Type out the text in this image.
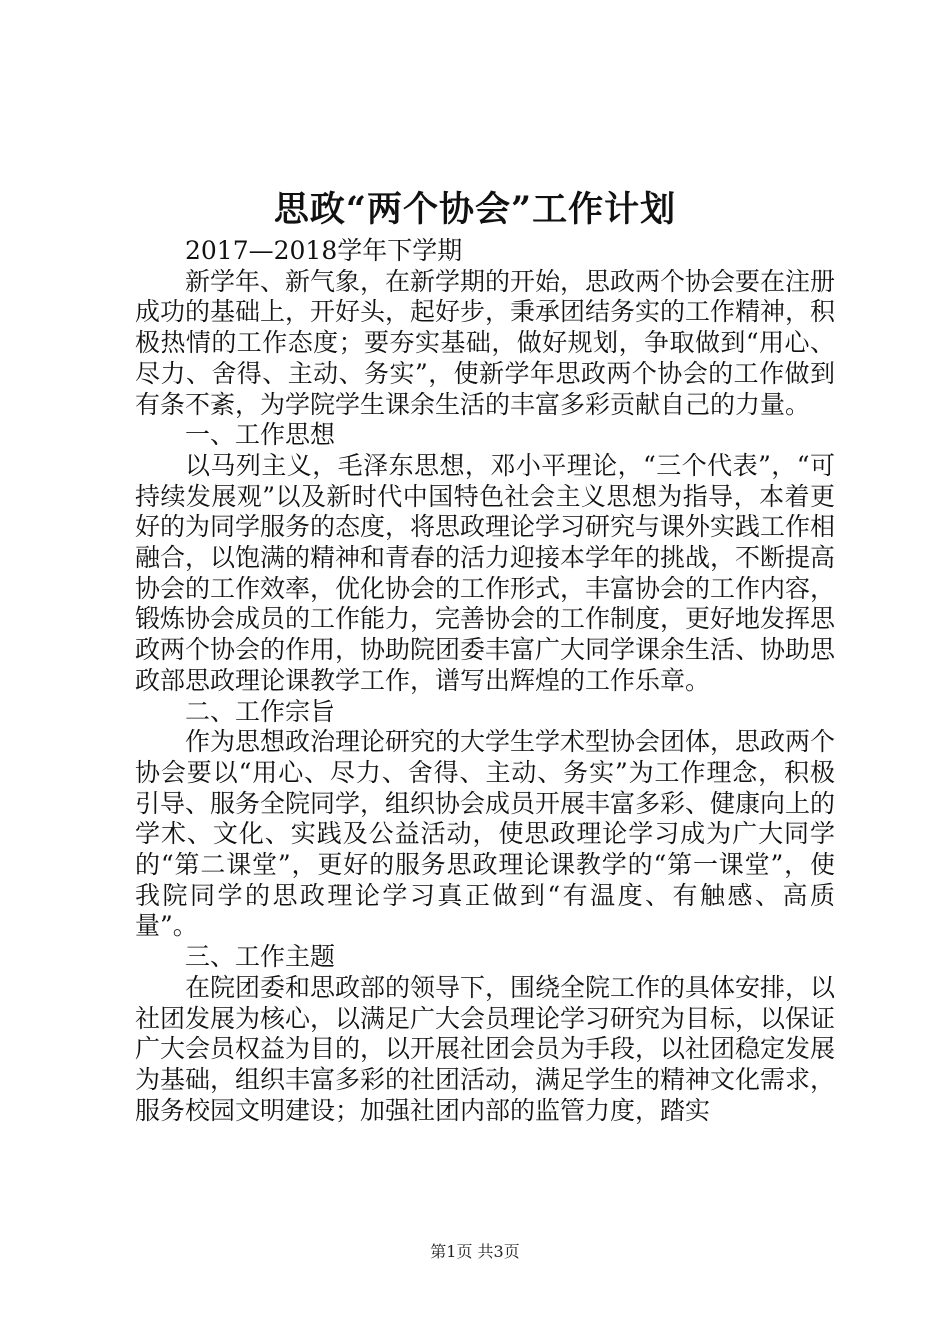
思政“两个协会”工作计划

2017—2018学年下学期

新学年、新气象，在新学期的开始，思政两个协会要在注册成功的基础上，开好头，起好步，秉承团结务实的工作精神，积极热情的工作态度；要夯实基础，做好规划，争取做到“用心、尽力、舍得、主动、务实”，使新学年思政两个协会的工作做到有条不紊，为学院学生课余生活的丰富多彩贡献自己的力量。

一、工作思想

以马列主义，毛泽东思想，邓小平理论，“三个代表”，“可持续发展观”以及新时代中国特色社会主义思想为指导，本着更好的为同学服务的态度，将思政理论学习研究与课外实践工作相融合，以饱满的精神和青春的活力迎接本学年的挑战，不断提高协会的工作效率，优化协会的工作形式，丰富协会的工作内容，锻炼协会成员的工作能力，完善协会的工作制度，更好地发挥思政两个协会的作用，协助院团委丰富广大同学课余生活、协助思政部思政理论课教学工作，谱写出辉煌的工作乐章。

二、工作宗旨

作为思想政治理论研究的大学生学术型协会团体，思政两个协会要以“用心、尽力、舍得、主动、务实”为工作理念，积极引导、服务全院同学，组织协会成员开展丰富多彩、健康向上的学术、文化、实践及公益活动，使思政理论学习成为广大同学的“第二课堂”，更好的服务思政理论课教学的“第一课堂”，使我院同学的思政理论学习真正做到“有温度、有触感、高质量”。

三、工作主题

在院团委和思政部的领导下，围绕全院工作的具体安排，以社团发展为核心，以满足广大会员理论学习研究为目标，以保证广大会员权益为目的，以开展社团会员为手段，以社团稳定发展为基础，组织丰富多彩的社团活动，满足学生的精神文化需求，服务校园文明建设；加强社团内部的监管力度，踏实

第1页 共3页
